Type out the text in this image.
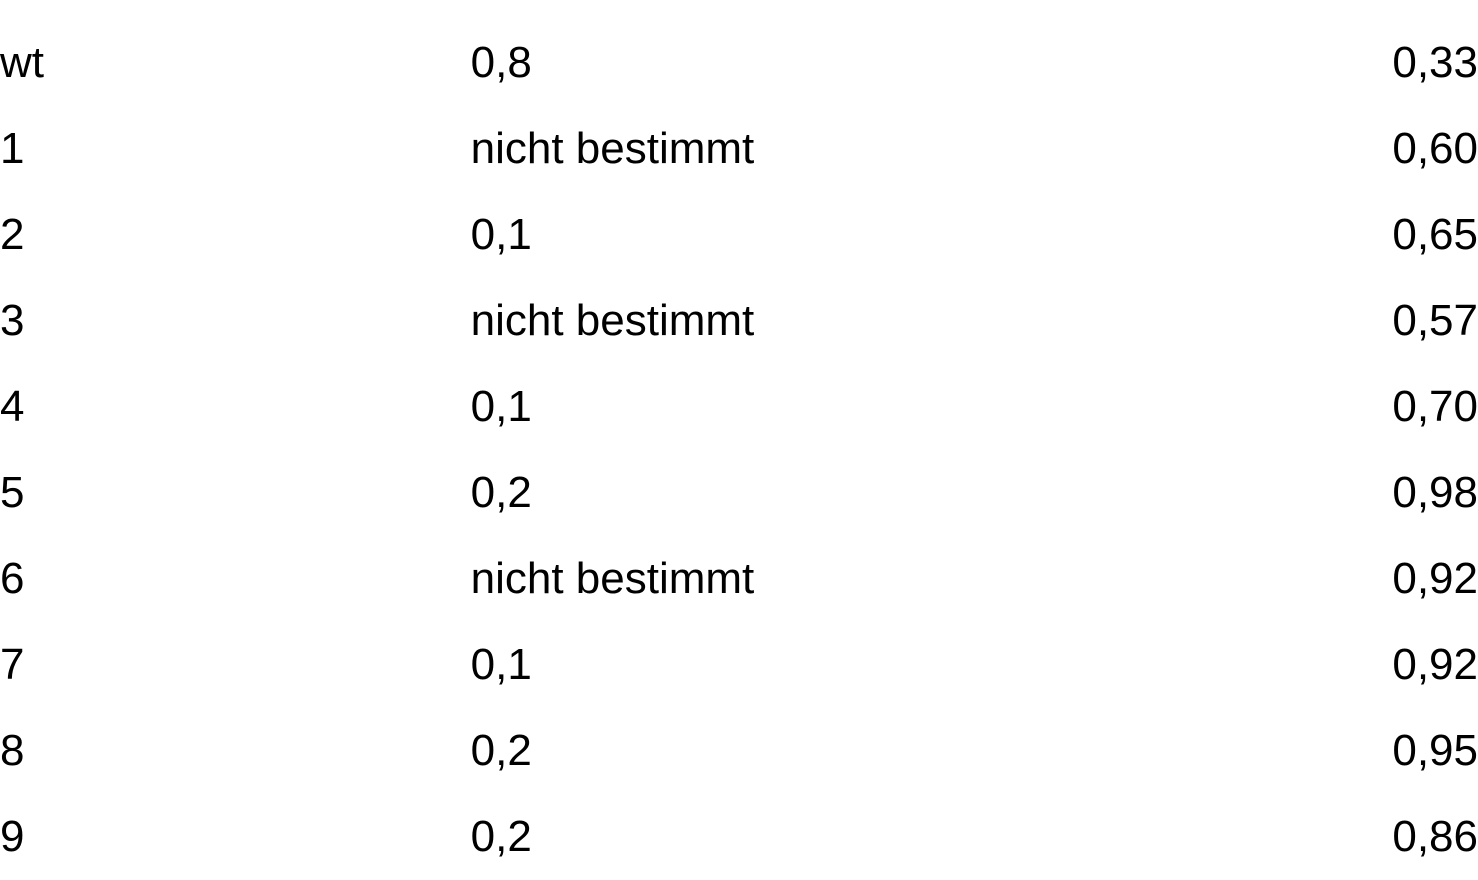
wt	0,8	0,33
1	nicht bestimmt	0,60
2	0,1	0,65
3	nicht bestimmt	0,57
4	0,1	0,70
5	0,2	0,98
6	nicht bestimmt	0,92
7	0,1	0,92
8	0,2	0,95
9	0,2	0,86
